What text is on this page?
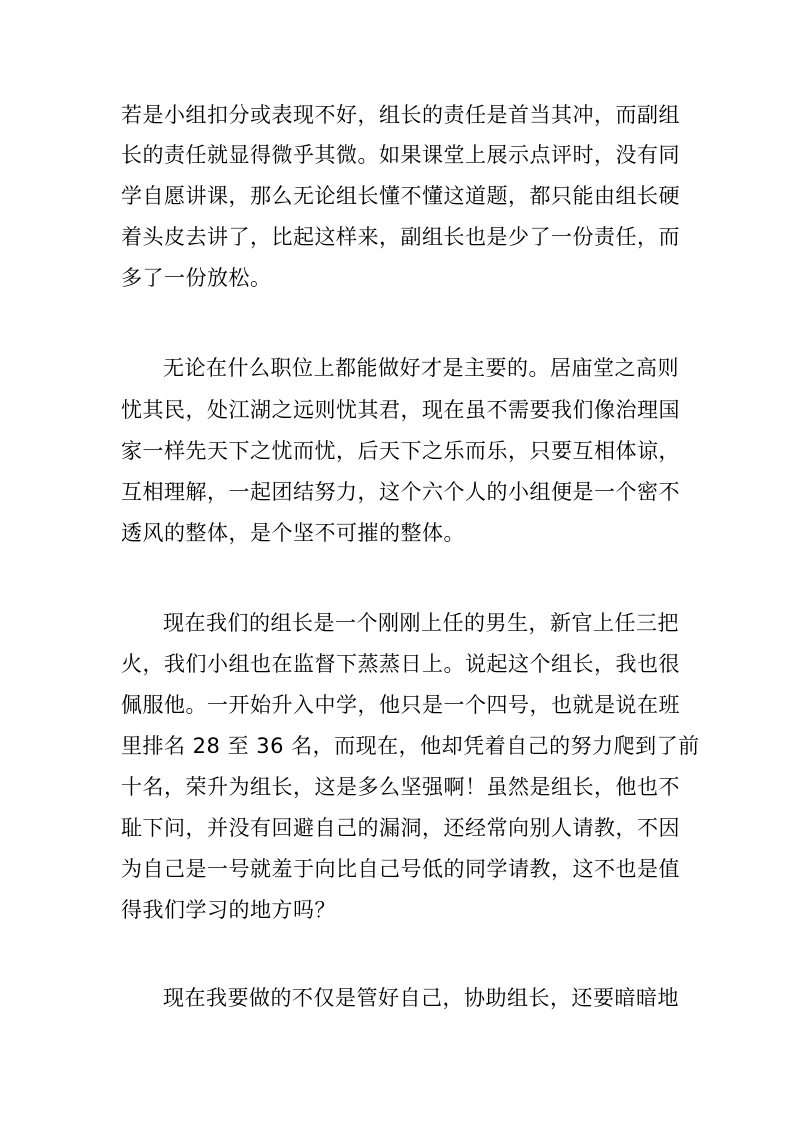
若是小组扣分或表现不好，组长的责任是首当其冲，而副组
长的责任就显得微乎其微。如果课堂上展示点评时，没有同
学自愿讲课，那么无论组长懂不懂这道题，都只能由组长硬
着头皮去讲了，比起这样来，副组长也是少了一份责任，而
多了一份放松。
无论在什么职位上都能做好才是主要的。居庙堂之高则
忧其民，处江湖之远则忧其君，现在虽不需要我们像治理国
家一样先天下之忧而忧，后天下之乐而乐，只要互相体谅，
互相理解，一起团结努力，这个六个人的小组便是一个密不
透风的整体，是个坚不可摧的整体。
现在我们的组长是一个刚刚上任的男生，新官上任三把
火，我们小组也在监督下蒸蒸日上。说起这个组长，我也很
佩服他。一开始升入中学，他只是一个四号，也就是说在班
里排名 28 至 36 名，而现在，他却凭着自己的努力爬到了前
十名，荣升为组长，这是多么坚强啊！虽然是组长，他也不
耻下问，并没有回避自己的漏洞，还经常向别人请教，不因
为自己是一号就羞于向比自己号低的同学请教，这不也是值
得我们学习的地方吗？
现在我要做的不仅是管好自己，协助组长，还要暗暗地
